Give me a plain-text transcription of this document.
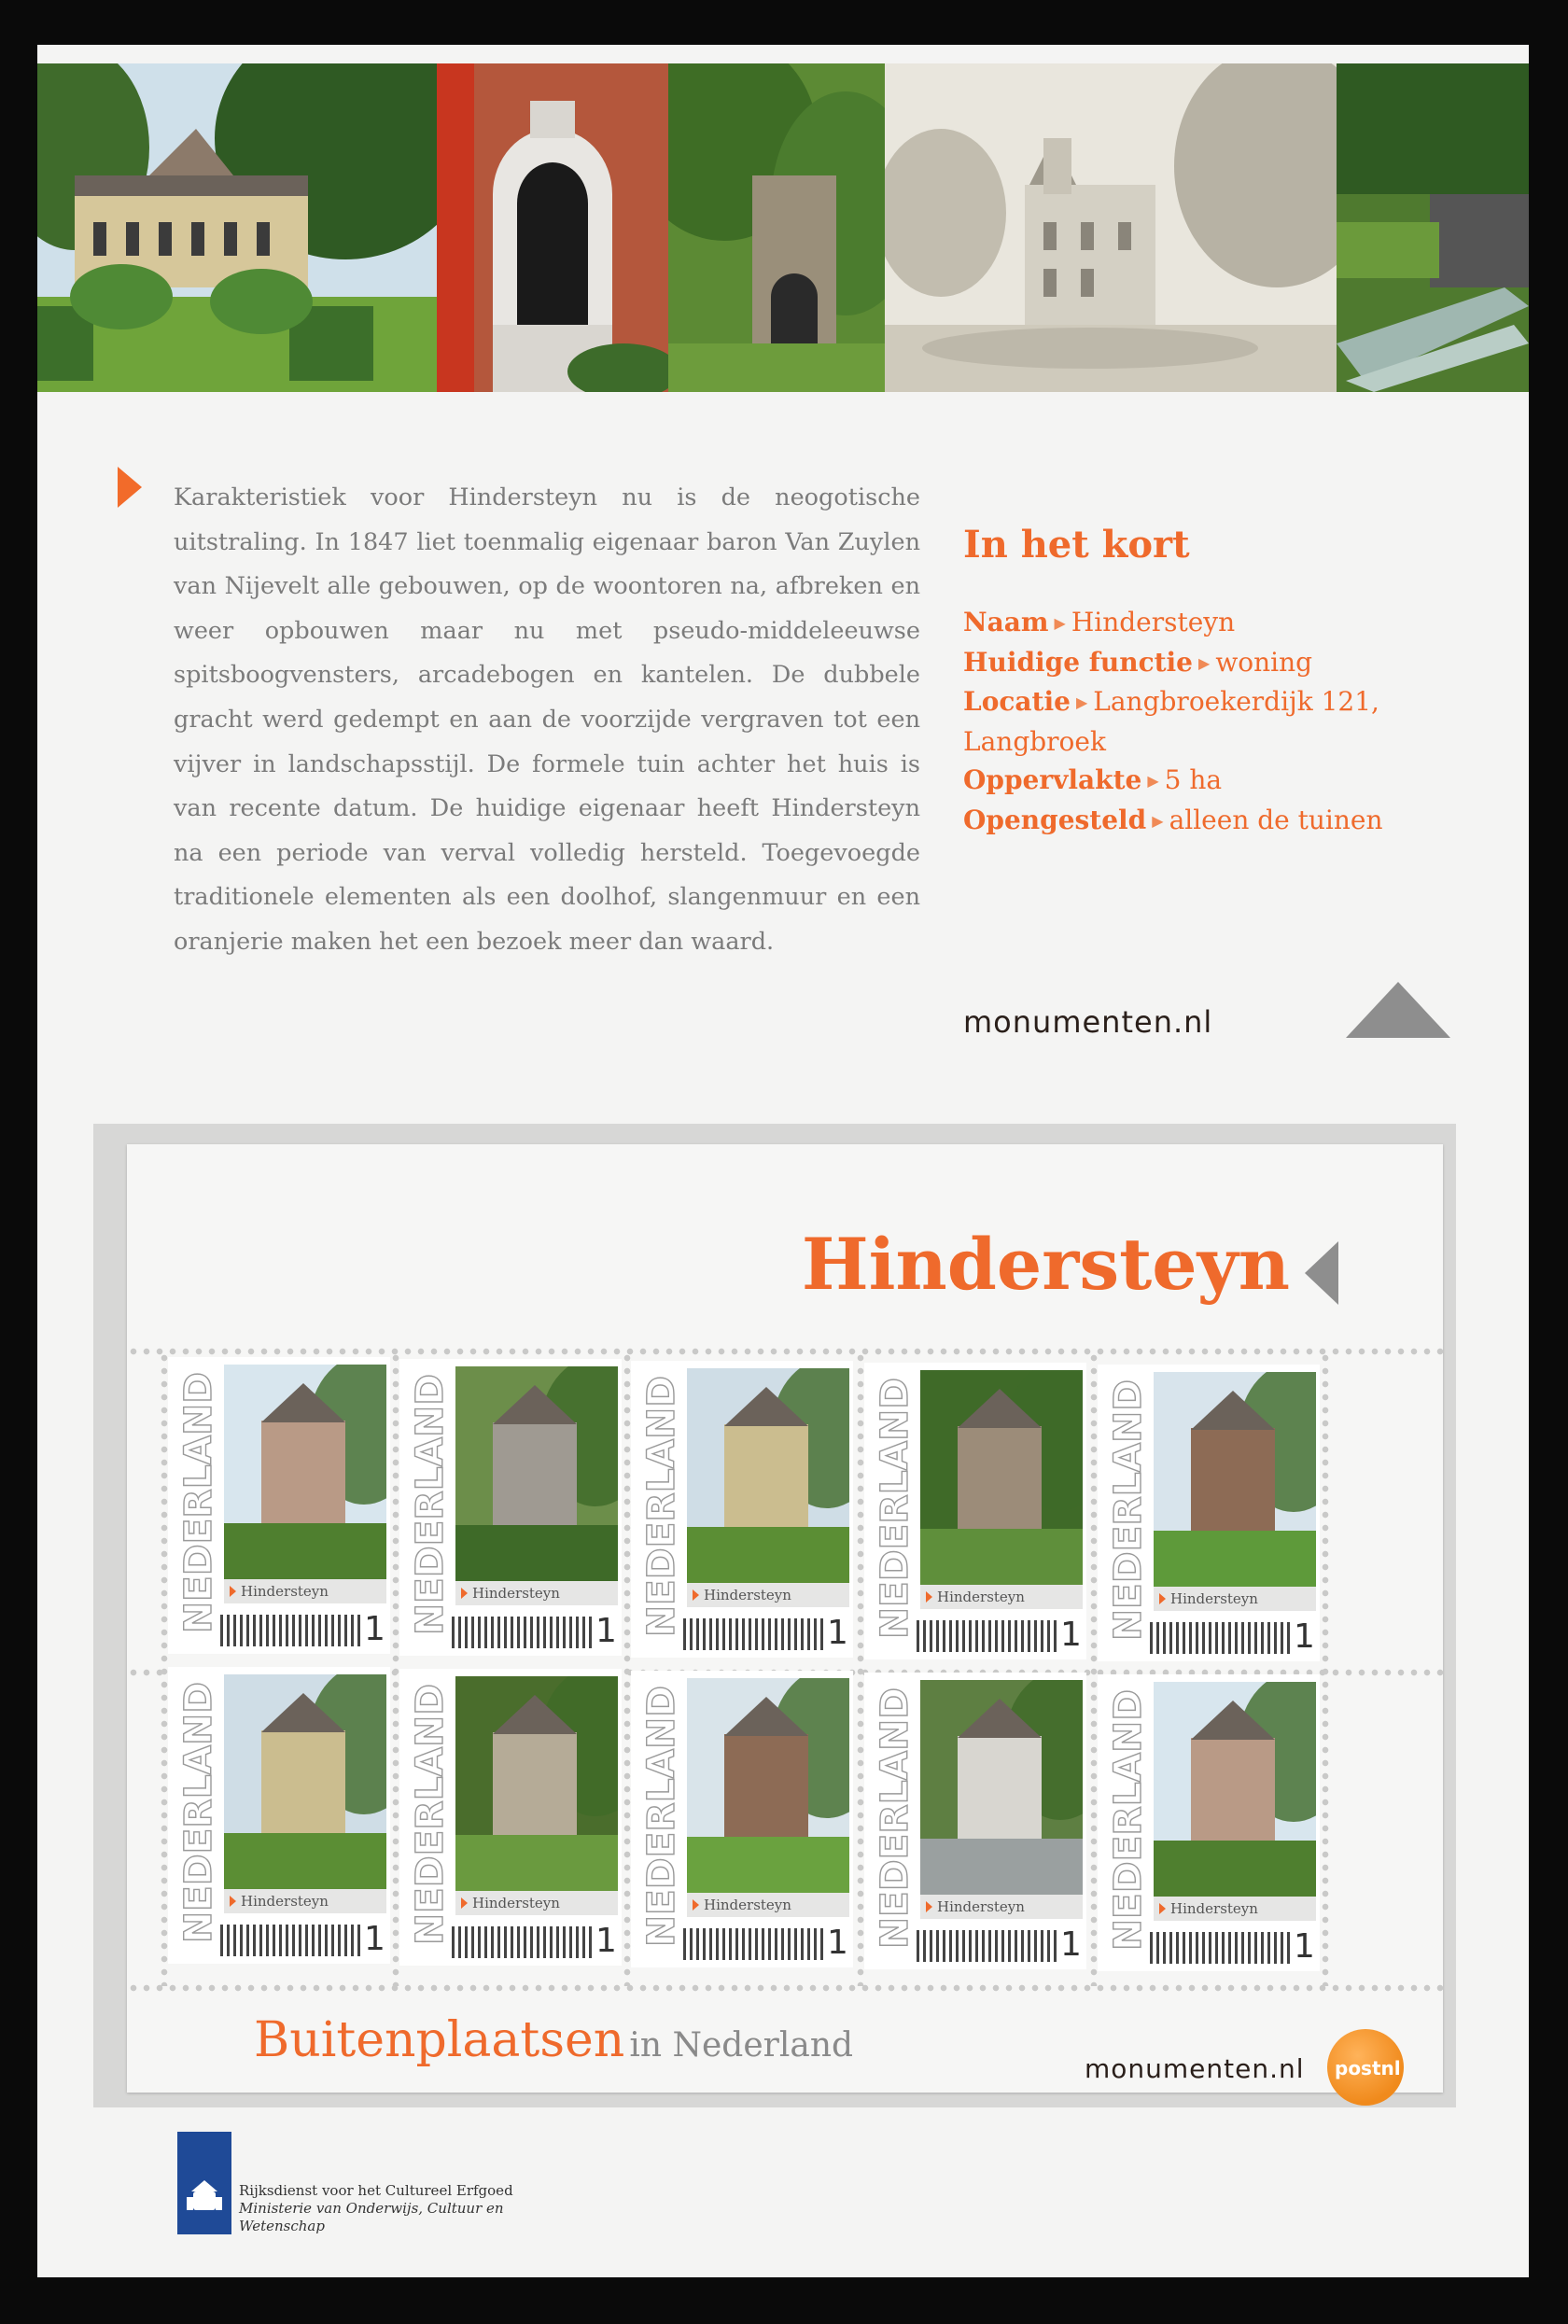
Karakteristiek voor Hindersteyn nu is de neogotische uitstraling. In 1847 liet toenmalig eigenaar baron Van Zuylen van Nijevelt alle gebouwen, op de woontoren na, afbreken en weer opbouwen maar nu met pseudo-middeleeuwse spitsboogvensters, arcadebogen en kantelen. De dubbele gracht werd gedempt en aan de voorzijde vergraven tot een vijver in landschapsstijl. De formele tuin achter het huis is van recente datum. De huidige eigenaar heeft Hindersteyn na een periode van verval volledig hersteld. Toegevoegde traditionele elementen als een doolhof, slangenmuur en een oranjerie maken het een bezoek meer dan waard.
In het kort
Naam ▶ Hindersteyn
Huidige functie ▶ woning
Locatie ▶ Langbroekerdijk 121, Langbroek
Oppervlakte ▶ 5 ha
Opengesteld ▶ alleen de tuinen
monumenten.nl
Hindersteyn
NEDERLAND	Hindersteyn
1 NEDERLAND	Hindersteyn
1 NEDERLAND	Hindersteyn
1 NEDERLAND	Hindersteyn
1 NEDERLAND	Hindersteyn
1
NEDERLAND	Hindersteyn
1 NEDERLAND	Hindersteyn
1 NEDERLAND	Hindersteyn
1 NEDERLAND	Hindersteyn
1 NEDERLAND	Hindersteyn
1
Buitenplaatsen in Nederland
monumenten.nl postnl
Rijksdienst voor het Cultureel Erfgoed
Ministerie van Onderwijs, Cultuur en
Wetenschap
